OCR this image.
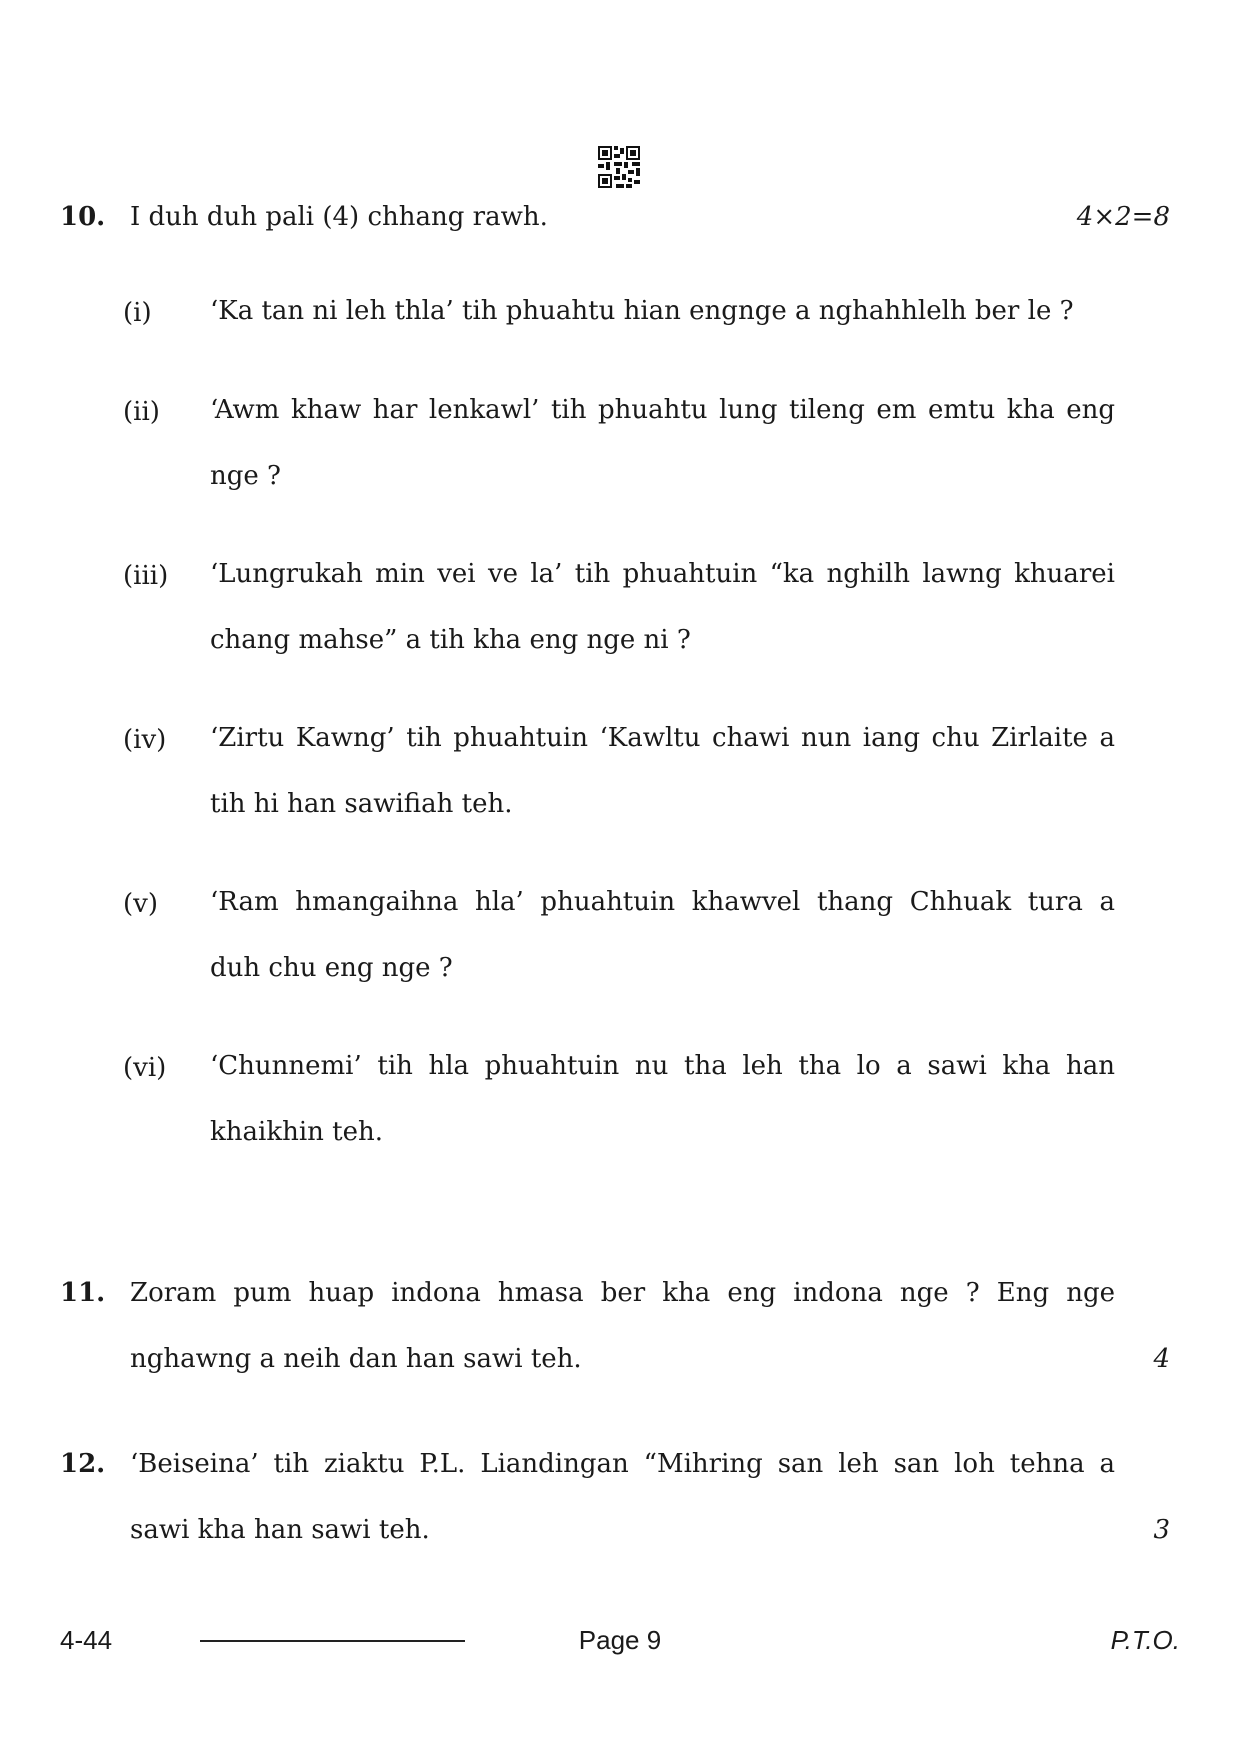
10. I duh duh pali (4) chhang rawh.	4×2=8
(i)	‘Ka tan ni leh thla’ tih phuahtu hian engnge a nghahhlelh ber le ?
(ii)	‘Awm khaw har lenkawl’ tih phuahtu lung tileng em emtu kha eng
nge ?
(iii)	‘Lungrukah min vei ve la’ tih phuahtuin “ka nghilh lawng khuarei
chang mahse” a tih kha eng nge ni ?
(iv)	‘Zirtu Kawng’ tih phuahtuin ‘Kawltu chawi nun iang chu Zirlaite a
tih hi han sawifiah teh.
(v)	‘Ram hmangaihna hla’ phuahtuin khawvel thang Chhuak tura a
duh chu eng nge ?
(vi)	‘Chunnemi’ tih hla phuahtuin nu tha leh tha lo a sawi kha han
khaikhin teh.
11. Zoram pum huap indona hmasa ber kha eng indona nge ? Eng nge
nghawng a neih dan han sawi teh.	4
12. ‘Beiseina’ tih ziaktu P.L. Liandingan “Mihring san leh san loh tehna a
sawi kha han sawi teh.	3
4-44	Page 9	P.T.O.
